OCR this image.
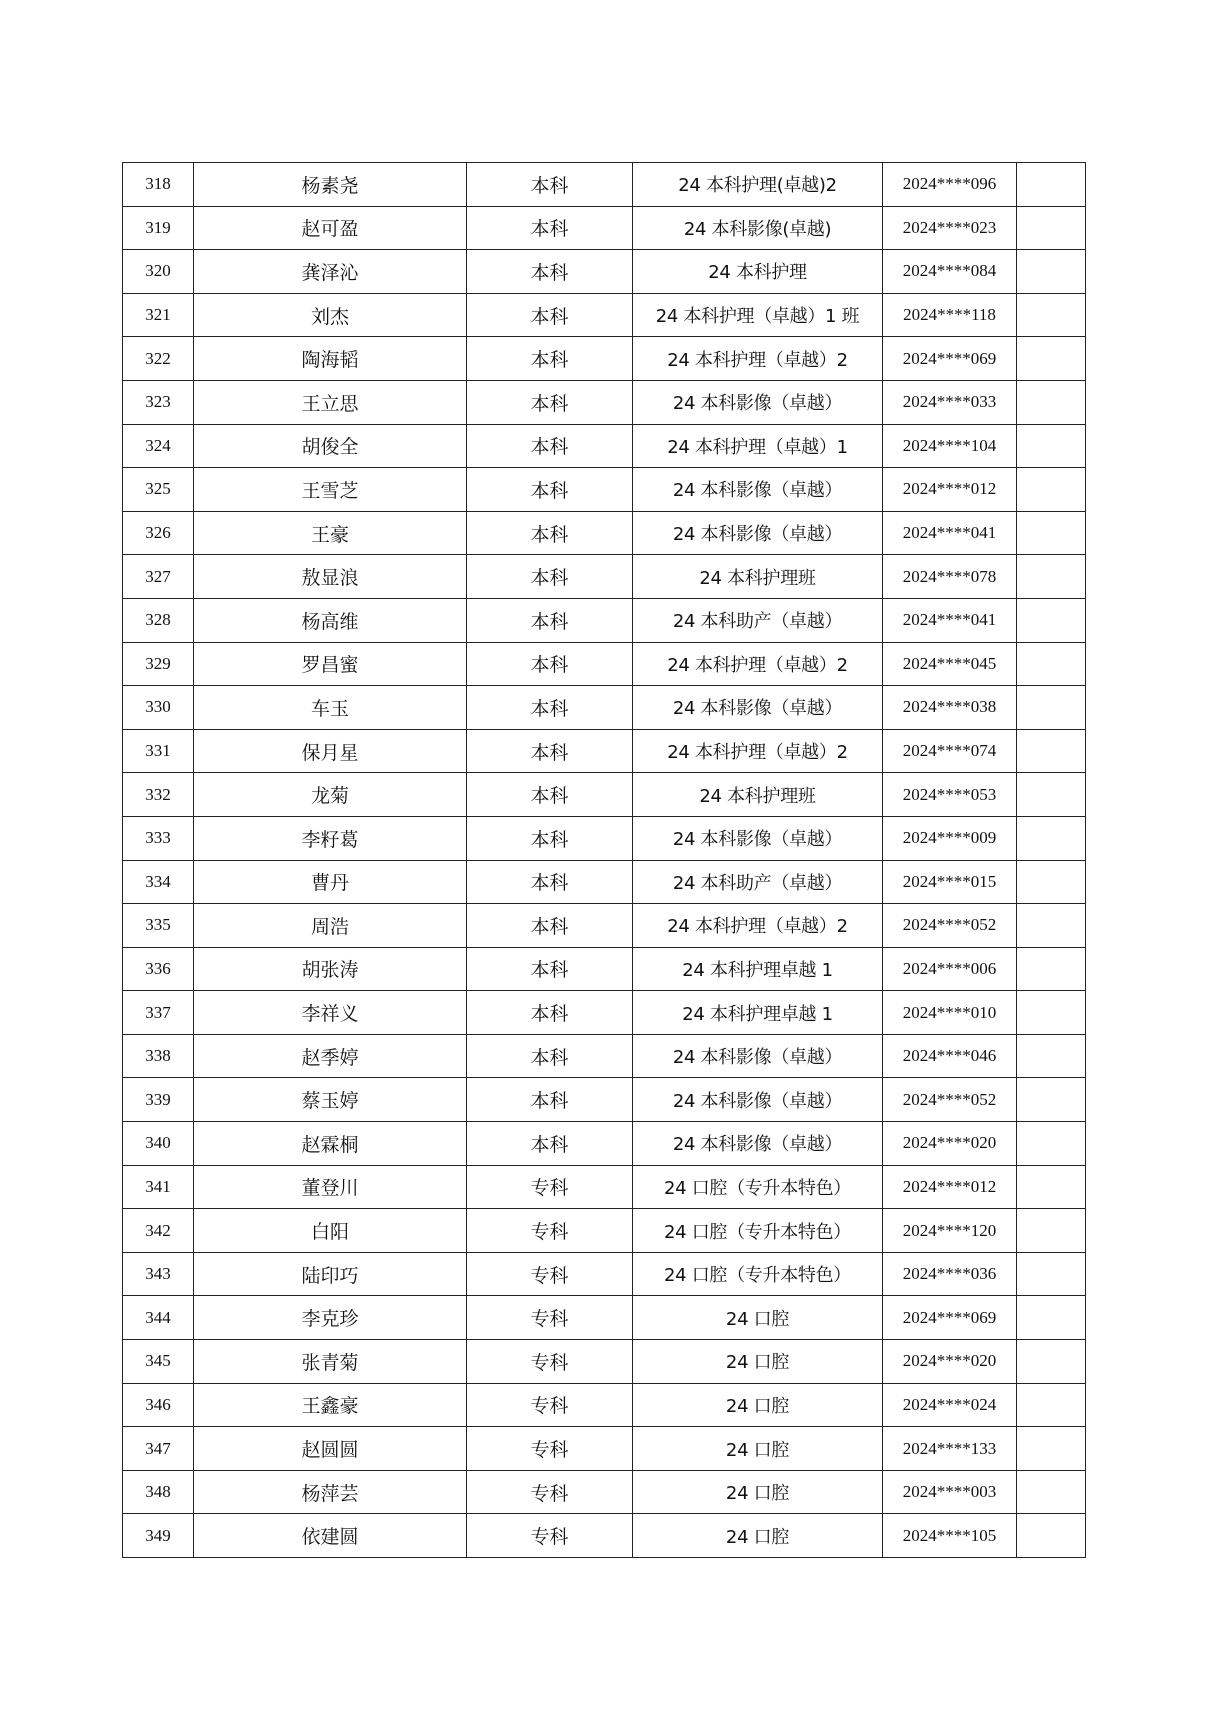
318	杨素尧	本科	24 本科护理(卓越)2	2024****096	
319	赵可盈	本科	24 本科影像(卓越)	2024****023	
320	龚泽沁	本科	24 本科护理	2024****084	
321	刘杰	本科	24 本科护理（卓越）1 班	2024****118	
322	陶海韬	本科	24 本科护理（卓越）2	2024****069	
323	王立思	本科	24 本科影像（卓越）	2024****033	
324	胡俊全	本科	24 本科护理（卓越）1	2024****104	
325	王雪芝	本科	24 本科影像（卓越）	2024****012	
326	王豪	本科	24 本科影像（卓越）	2024****041	
327	敖显浪	本科	24 本科护理班	2024****078	
328	杨高维	本科	24 本科助产（卓越）	2024****041	
329	罗昌蜜	本科	24 本科护理（卓越）2	2024****045	
330	车玉	本科	24 本科影像（卓越）	2024****038	
331	保月星	本科	24 本科护理（卓越）2	2024****074	
332	龙菊	本科	24 本科护理班	2024****053	
333	李籽葛	本科	24 本科影像（卓越）	2024****009	
334	曹丹	本科	24 本科助产（卓越）	2024****015	
335	周浩	本科	24 本科护理（卓越）2	2024****052	
336	胡张涛	本科	24 本科护理卓越 1	2024****006	
337	李祥义	本科	24 本科护理卓越 1	2024****010	
338	赵季婷	本科	24 本科影像（卓越）	2024****046	
339	蔡玉婷	本科	24 本科影像（卓越）	2024****052	
340	赵霖桐	本科	24 本科影像（卓越）	2024****020	
341	董登川	专科	24 口腔（专升本特色）	2024****012	
342	白阳	专科	24 口腔（专升本特色）	2024****120	
343	陆印巧	专科	24 口腔（专升本特色）	2024****036	
344	李克珍	专科	24 口腔	2024****069	
345	张青菊	专科	24 口腔	2024****020	
346	王鑫豪	专科	24 口腔	2024****024	
347	赵圆圆	专科	24 口腔	2024****133	
348	杨萍芸	专科	24 口腔	2024****003	
349	依建圆	专科	24 口腔	2024****105	
